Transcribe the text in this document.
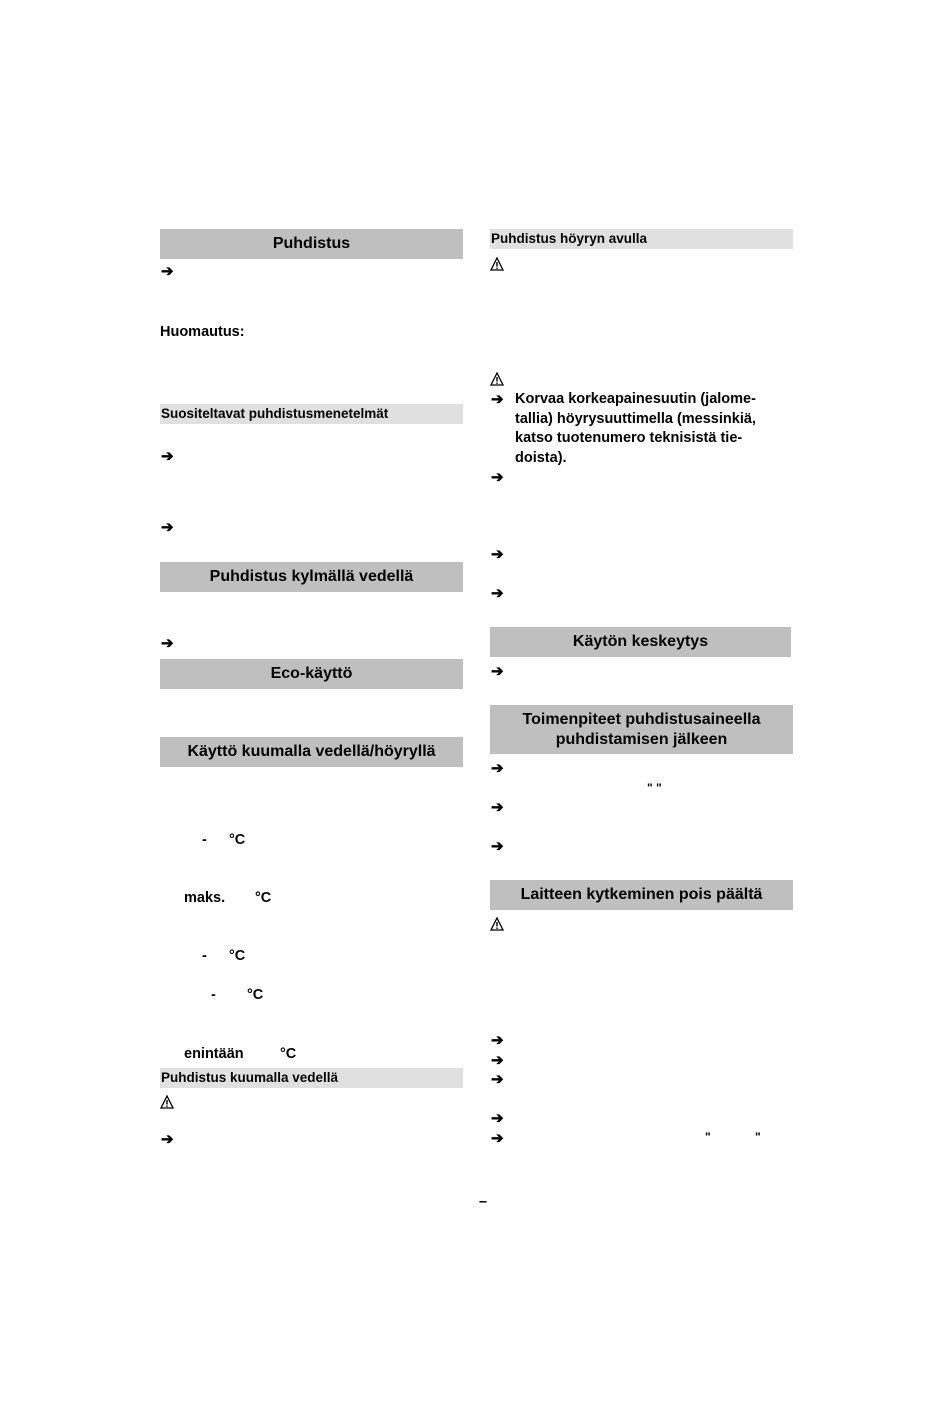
Puhdistus
➔
Huomautus:
Suositeltavat puhdistusmenetelmät
➔
➔
Puhdistus kylmällä vedellä
➔
Eco-käyttö
Käyttö kuumalla vedellä/höyryllä
- °C
maks. °C
- °C
- °C
enintään	°C
Puhdistus kuumalla vedellä
➔
Puhdistus höyryn avulla
➔ Korvaa korkeapainesuutin (jalome-tallia) höyrysuuttimella (messinkiä, katso tuotenumero teknisistä tie-doista).
➔
➔
➔
Käytön keskeytys
➔
Toimenpiteet puhdistusaineella
puhdistamisen jälkeen
➔
" "
➔
➔
Laitteen kytkeminen pois päältä
➔
➔
➔
➔
➔	"	"
–
